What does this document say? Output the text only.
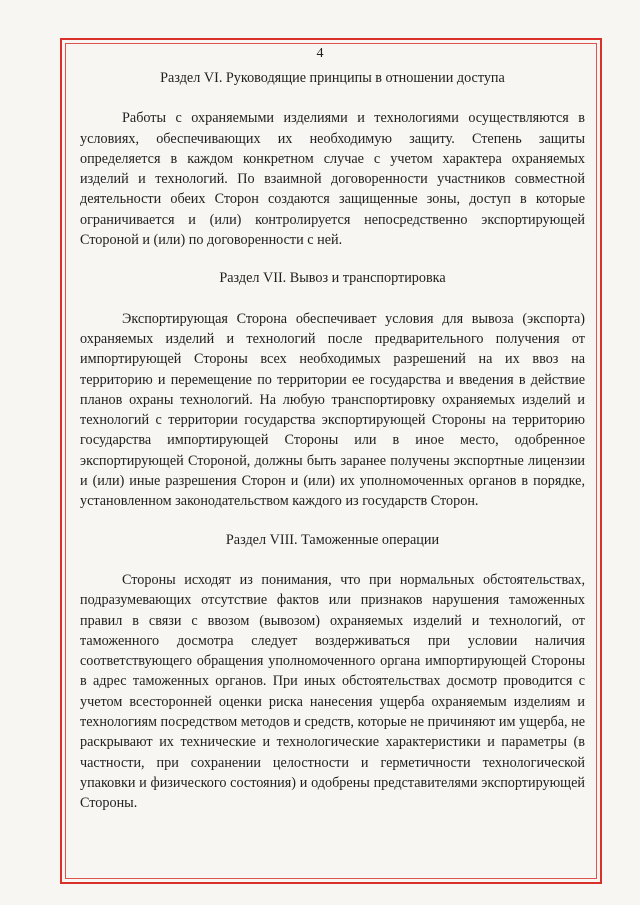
4
Раздел VI. Руководящие принципы в отношении доступа

Работы с охраняемыми изделиями и технологиями осуществляются в условиях, обеспечивающих их необходимую защиту. Степень защиты определяется в каждом конкретном случае с учетом характера охраняемых изделий и технологий. По взаимной договоренности участников совместной деятельности обеих Сторон создаются защищенные зоны, доступ в которые ограничивается и (или) контролируется непосредственно экспортирующей Стороной и (или) по договоренности с ней.

Раздел VII. Вывоз и транспортировка

Экспортирующая Сторона обеспечивает условия для вывоза (экспорта) охраняемых изделий и технологий после предварительного получения от импортирующей Стороны всех необходимых разрешений на их ввоз на территорию и перемещение по территории ее государства и введения в действие планов охраны технологий. На любую транспортировку охраняемых изделий и технологий с территории государства экспортирующей Стороны на территорию государства импортирующей Стороны или в иное место, одобренное экспортирующей Стороной, должны быть заранее получены экспортные лицензии и (или) иные разрешения Сторон и (или) их уполномоченных органов в порядке, установленном законодательством каждого из государств Сторон.

Раздел VIII. Таможенные операции

Стороны исходят из понимания, что при нормальных обстоятельствах, подразумевающих отсутствие фактов или признаков нарушения таможенных правил в связи с ввозом (вывозом) охраняемых изделий и технологий, от таможенного досмотра следует воздерживаться при условии наличия соответствующего обращения уполномоченного органа импортирующей Стороны в адрес таможенных органов. При иных обстоятельствах досмотр проводится с учетом всесторонней оценки риска нанесения ущерба охраняемым изделиям и технологиям посредством методов и средств, которые не причиняют им ущерба, не раскрывают их технические и технологические характеристики и параметры (в частности, при сохранении целостности и герметичности технологической упаковки и физического состояния) и одобрены представителями экспортирующей Стороны.
